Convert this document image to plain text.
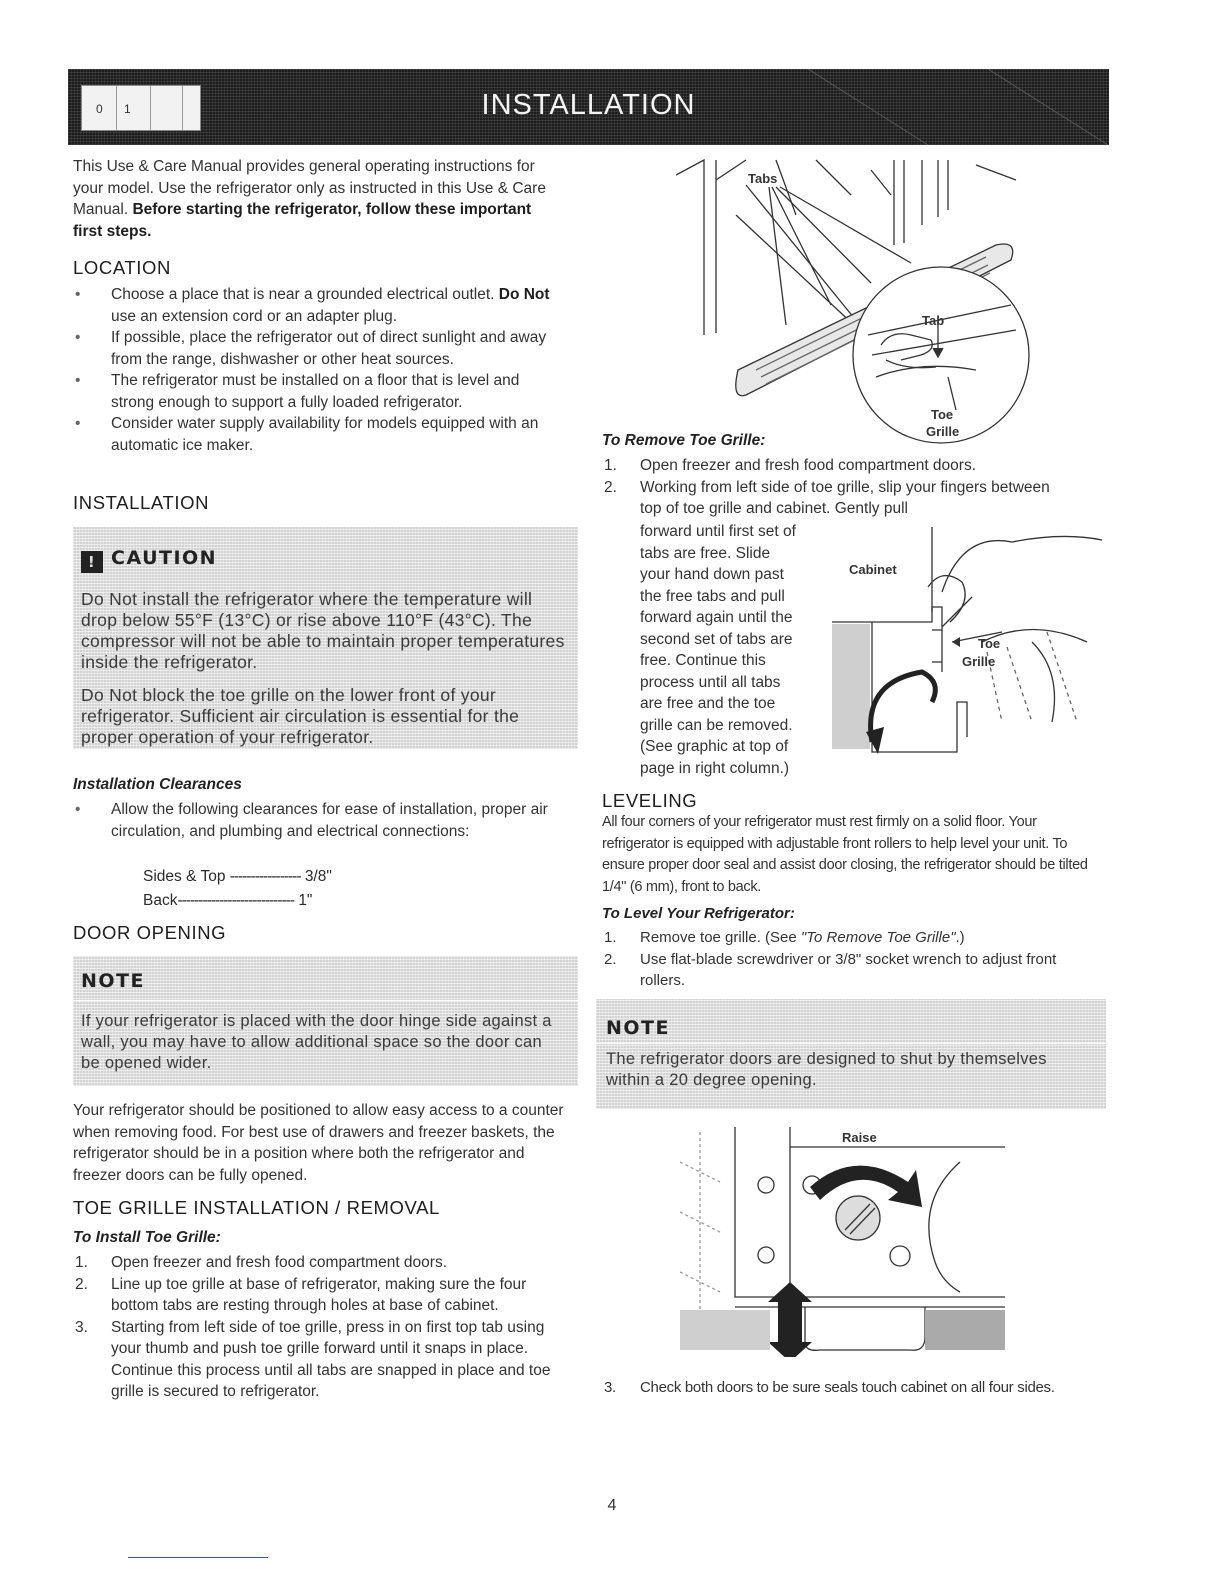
0 1	INSTALLATION

This Use & Care Manual provides general operating instructions for your model. Use the refrigerator only as instructed in this Use & Care Manual. Before starting the refrigerator, follow these important first steps.

LOCATION
• Choose a place that is near a grounded electrical outlet. Do Not use an extension cord or an adapter plug.
• If possible, place the refrigerator out of direct sunlight and away from the range, dishwasher or other heat sources.
• The refrigerator must be installed on a floor that is level and strong enough to support a fully loaded refrigerator.
• Consider water supply availability for models equipped with an automatic ice maker.
INSTALLATION
! CAUTION
Do Not install the refrigerator where the temperature will drop below 55°F (13°C) or rise above 110°F (43°C). The compressor will not be able to maintain proper temperatures inside the refrigerator.
Do Not block the toe grille on the lower front of your refrigerator. Sufficient air circulation is essential for the proper operation of your refrigerator.
Installation Clearances
• Allow the following clearances for ease of installation, proper air circulation, and plumbing and electrical connections:
Sides & Top ----------------- 3/8"
Back---------------------------- 1"
DOOR OPENING
NOTE
If your refrigerator is placed with the door hinge side against a wall, you may have to allow additional space so the door can be opened wider.
Your refrigerator should be positioned to allow easy access to a counter when removing food. For best use of drawers and freezer baskets, the refrigerator should be in a position where both the refrigerator and freezer doors can be fully opened.
TOE GRILLE INSTALLATION / REMOVAL
To Install Toe Grille:
1. Open freezer and fresh food compartment doors.
2. Line up toe grille at base of refrigerator, making sure the four bottom tabs are resting through holes at base of cabinet.
3. Starting from left side of toe grille, press in on first top tab using your thumb and push toe grille forward until it snaps in place. Continue this process until all tabs are snapped in place and toe grille is secured to refrigerator.
Tabs
Tab
Toe
Grille
To Remove Toe Grille:
1. Open freezer and fresh food compartment doors.
2. Working from left side of toe grille, slip your fingers between top of toe grille and cabinet. Gently pull

forward until first set of

tabs are free. Slide

your hand down past

the free tabs and pull

forward again until the

second set of tabs are

free. Continue this

process until all tabs

are free and the toe

grille can be removed.

(See graphic at top of

page in right column.)

Cabinet
Toe
Grille
LEVELING
All four corners of your refrigerator must rest firmly on a solid floor. Your refrigerator is equipped with adjustable front rollers to help level your unit. To ensure proper door seal and assist door closing, the refrigerator should be tilted 1/4" (6 mm), front to back.
To Level Your Refrigerator:
1. Remove toe grille. (See "To Remove Toe Grille".)
2. Use flat-blade screwdriver or 3/8" socket wrench to adjust front rollers.
NOTE
The refrigerator doors are designed to shut by themselves within a 20 degree opening.
Raise
3. Check both doors to be sure seals touch cabinet on all four sides.
4
